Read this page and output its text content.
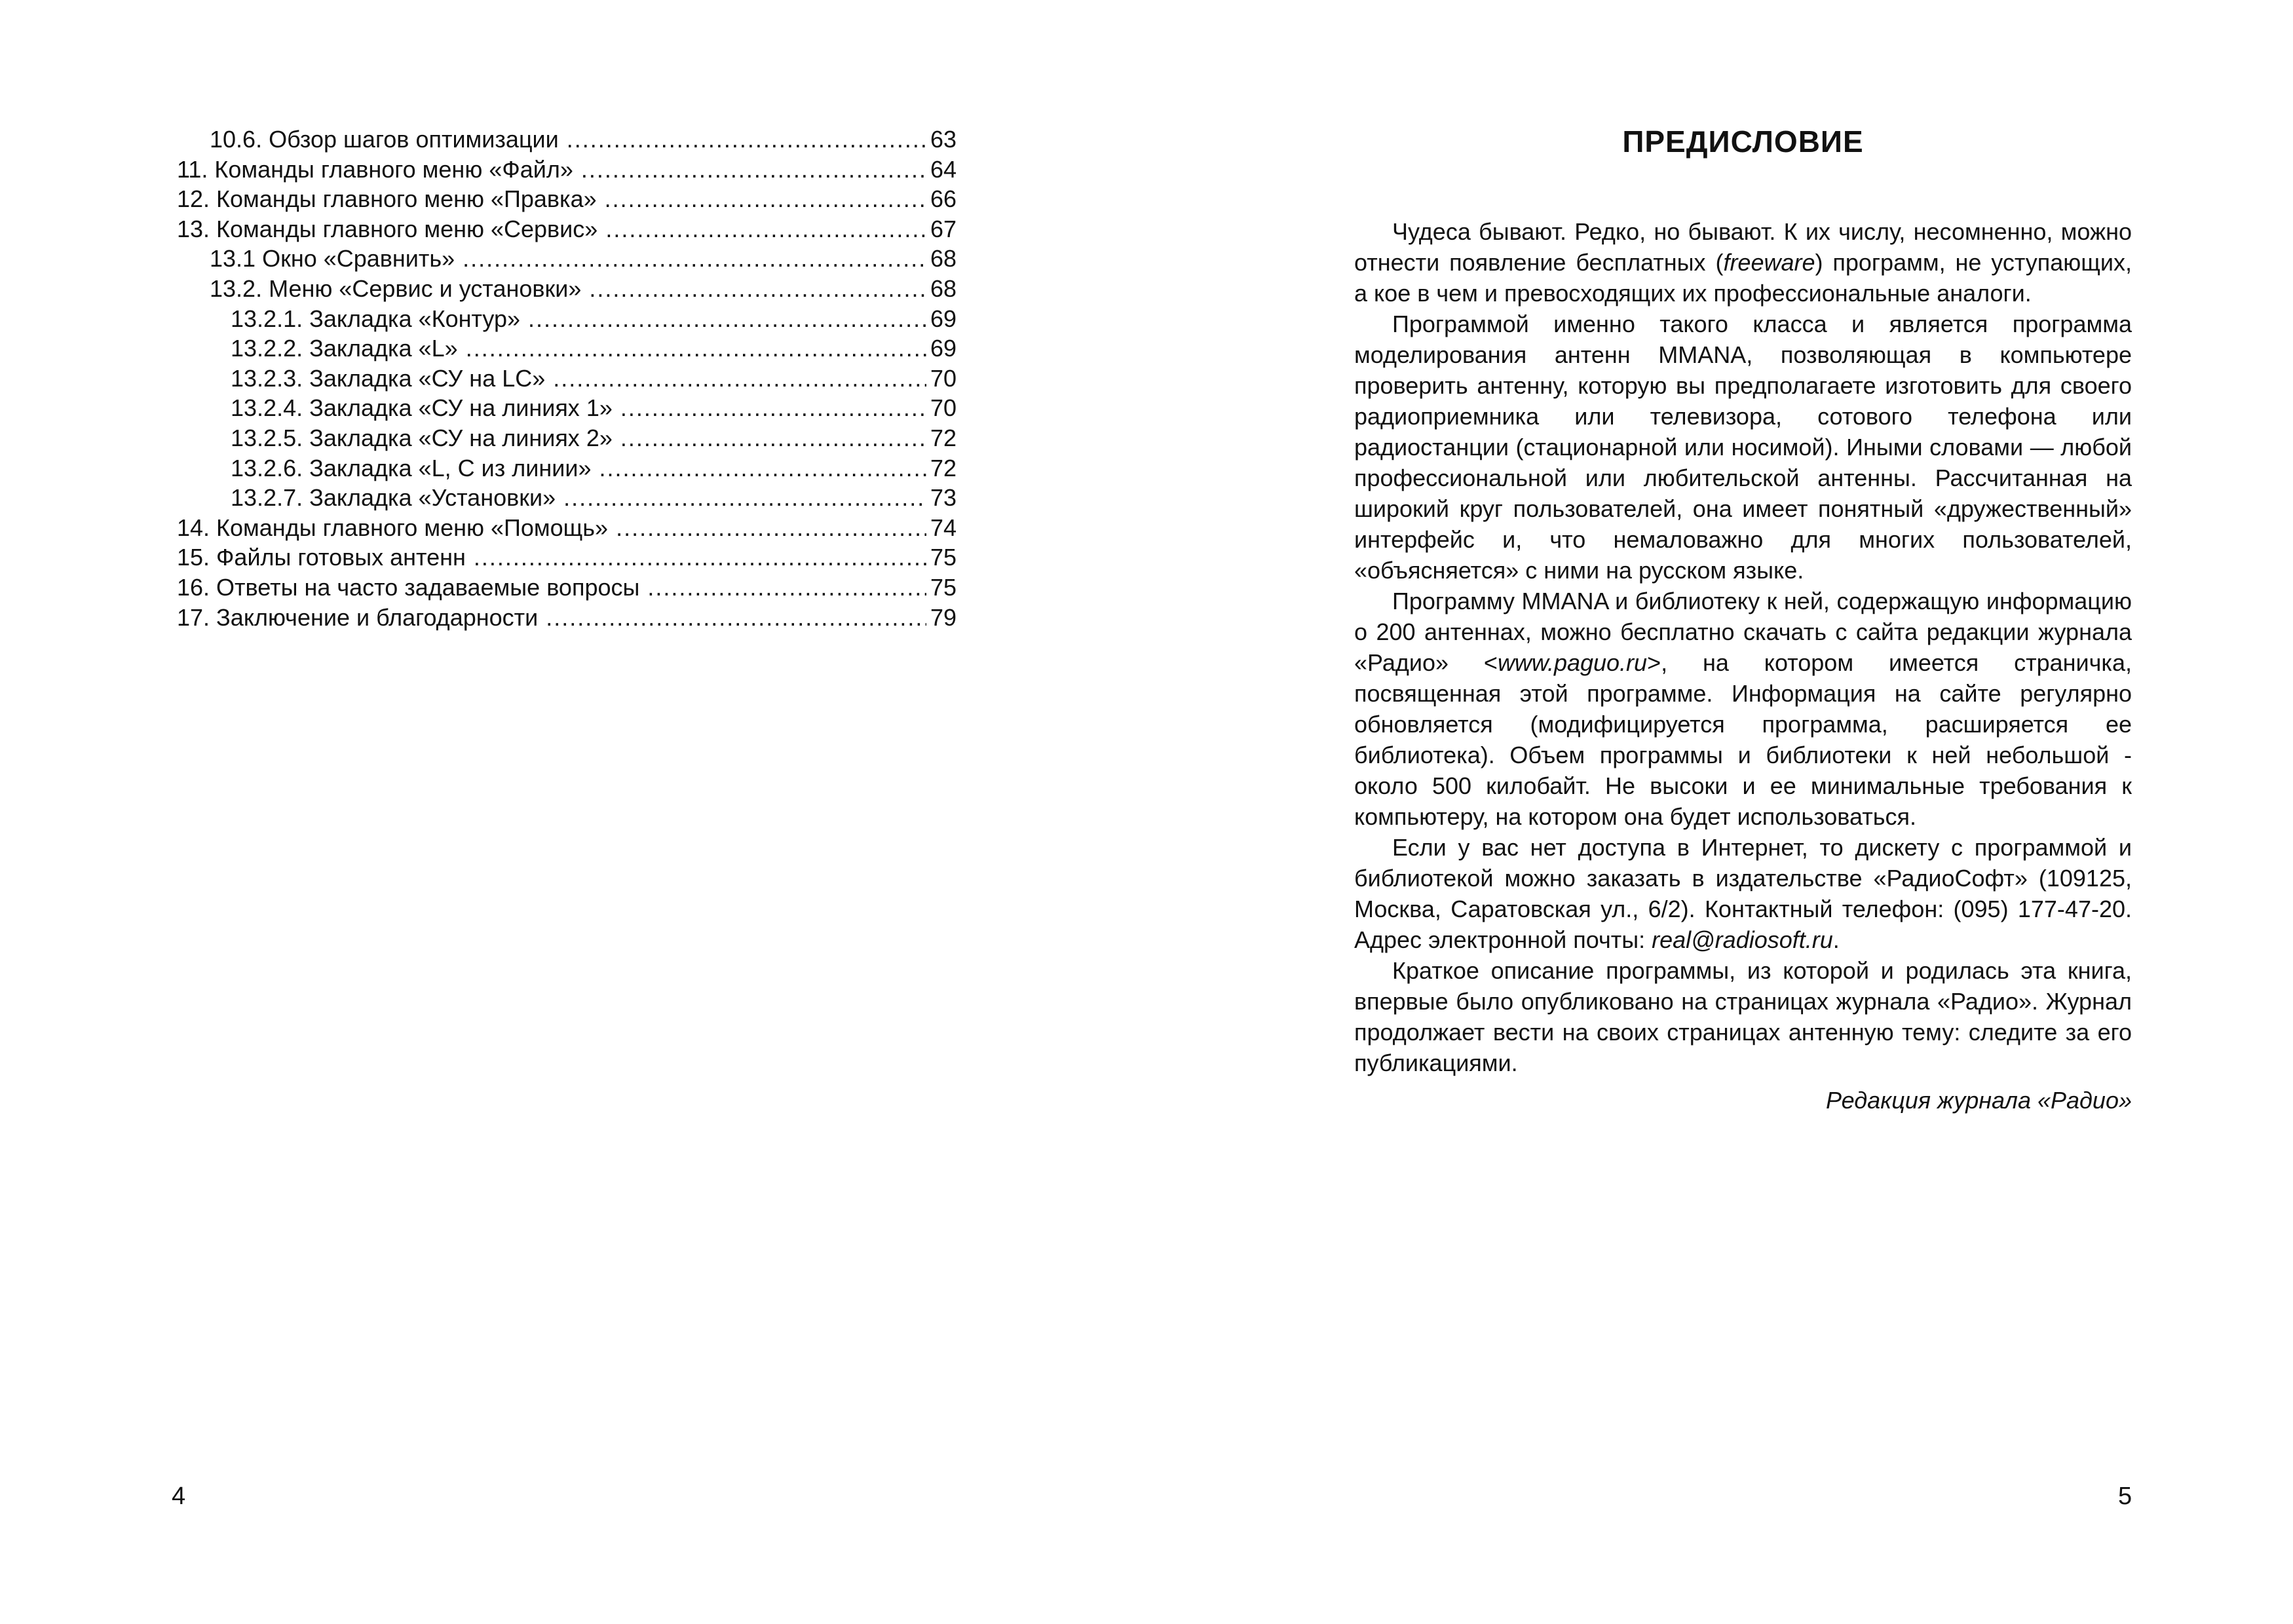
10.6. Обзор шагов оптимизации .....	63
11. Команды главного меню «Файл» .....	64
12. Команды главного меню «Правка» .....	66
13. Команды главного меню «Сервис» .....	67
13.1 Окно «Сравнить» .....	68
13.2. Меню «Сервис и установки» .....	68
13.2.1. Закладка «Контур» .....	69
13.2.2. Закладка «L» .....	69
13.2.3. Закладка «СУ на LC» .....	70
13.2.4. Закладка «СУ на линиях 1» .....	70
13.2.5. Закладка «СУ на линиях 2» .....	72
13.2.6. Закладка «L, C из линии» .....	72
13.2.7. Закладка «Установки» .....	73
14. Команды главного меню «Помощь» .....	74
15. Файлы готовых антенн .....	75
16. Ответы на часто задаваемые вопросы .....	75
17. Заключение и благодарности .....	79
4
ПРЕДИСЛОВИЕ

Чудеса бывают. Редко, но бывают. К их числу, несомненно, можно отнести появление бесплатных (freeware) программ, не уступающих, а кое в чем и превосходящих их профессиональные аналоги.

Программой именно такого класса и является программа моделирования антенн MMANA, позволяющая в компьютере проверить антенну, которую вы предполагаете изготовить для своего радиоприемника или телевизора, сотового телефона или радиостанции (стационарной или носимой). Иными словами — любой профессиональной или любительской антенны. Рассчитанная на широкий круг пользователей, она имеет понятный «дружественный» интерфейс и, что немаловажно для многих пользователей, «объясняется» с ними на русском языке.

Программу MMANA и библиотеку к ней, содержащую информацию о 200 антеннах, можно бесплатно скачать с сайта редакции журнала «Радио» <www.paguo.ru>, на котором имеется страничка, посвященная этой программе. Информация на сайте регулярно обновляется (модифицируется программа, расширяется ее библиотека). Объем программы и библиотеки к ней небольшой - около 500 килобайт. Не высоки и ее минимальные требования к компьютеру, на котором она будет использоваться.

Если у вас нет доступа в Интернет, то дискету с программой и библиотекой можно заказать в издательстве «РадиоСофт» (109125, Москва, Саратовская ул., 6/2). Контактный телефон: (095) 177-47-20. Адрес электронной почты: real@radiosoft.ru.

Краткое описание программы, из которой и родилась эта книга, впервые было опубликовано на страницах журнала «Радио». Журнал продолжает вести на своих страницах антенную тему: следите за его публикациями.

Редакция журнала «Радио»

5
